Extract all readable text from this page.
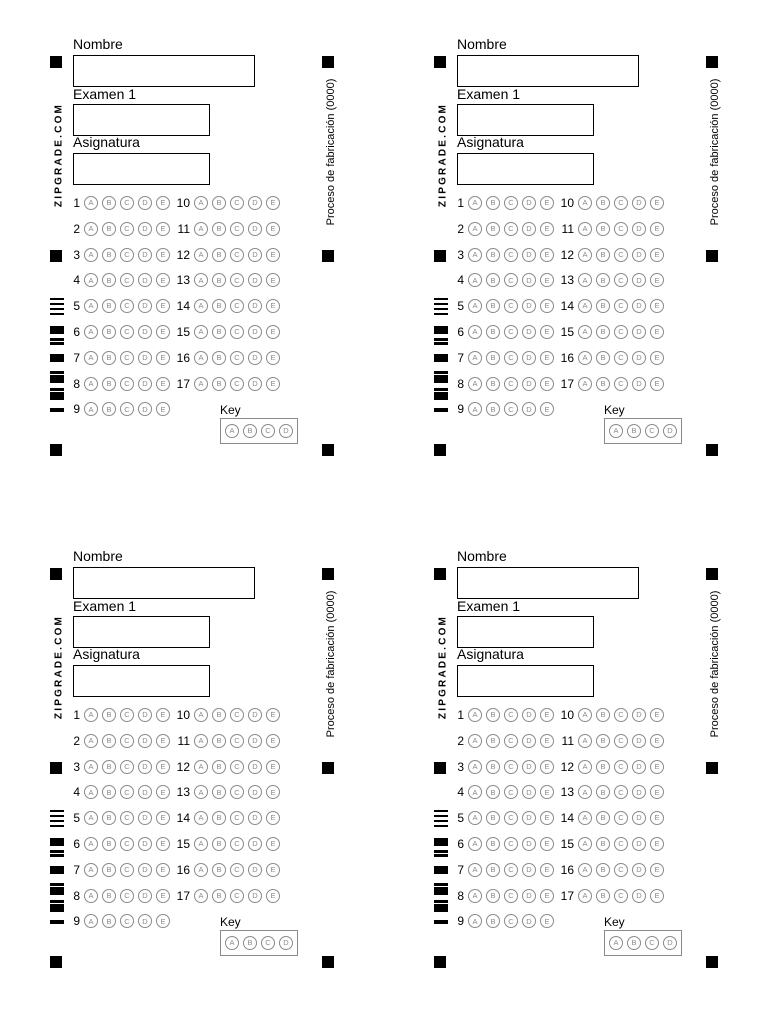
Nombre
Examen 1
Asignatura
ZIPGRADE.COM	Proceso de fabricación (0000)
1	A	B	C	D	E
2	A	B	C	D	E
3	A	B	C	D	E
4	A	B	C	D	E
5	A	B	C	D	E
6	A	B	C	D	E
7	A	B	C	D	E
8	A	B	C	D	E
9	A	B	C	D	E
10	A	B	C	D	E
11	A	B	C	D	E
12	A	B	C	D	E
13	A	B	C	D	E
14	A	B	C	D	E
15	A	B	C	D	E
16	A	B	C	D	E
17	A	B	C	D	E
Key
A	B	C	D
Nombre
Examen 1
Asignatura
ZIPGRADE.COM	Proceso de fabricación (0000)
1	A	B	C	D	E
2	A	B	C	D	E
3	A	B	C	D	E
4	A	B	C	D	E
5	A	B	C	D	E
6	A	B	C	D	E
7	A	B	C	D	E
8	A	B	C	D	E
9	A	B	C	D	E
10	A	B	C	D	E
11	A	B	C	D	E
12	A	B	C	D	E
13	A	B	C	D	E
14	A	B	C	D	E
15	A	B	C	D	E
16	A	B	C	D	E
17	A	B	C	D	E
Key
A	B	C	D
Nombre
Examen 1
Asignatura
ZIPGRADE.COM	Proceso de fabricación (0000)
1	A	B	C	D	E
2	A	B	C	D	E
3	A	B	C	D	E
4	A	B	C	D	E
5	A	B	C	D	E
6	A	B	C	D	E
7	A	B	C	D	E
8	A	B	C	D	E
9	A	B	C	D	E
10	A	B	C	D	E
11	A	B	C	D	E
12	A	B	C	D	E
13	A	B	C	D	E
14	A	B	C	D	E
15	A	B	C	D	E
16	A	B	C	D	E
17	A	B	C	D	E
Key
A	B	C	D
Nombre
Examen 1
Asignatura
ZIPGRADE.COM	Proceso de fabricación (0000)
1	A	B	C	D	E
2	A	B	C	D	E
3	A	B	C	D	E
4	A	B	C	D	E
5	A	B	C	D	E
6	A	B	C	D	E
7	A	B	C	D	E
8	A	B	C	D	E
9	A	B	C	D	E
10	A	B	C	D	E
11	A	B	C	D	E
12	A	B	C	D	E
13	A	B	C	D	E
14	A	B	C	D	E
15	A	B	C	D	E
16	A	B	C	D	E
17	A	B	C	D	E
Key
A	B	C	D
